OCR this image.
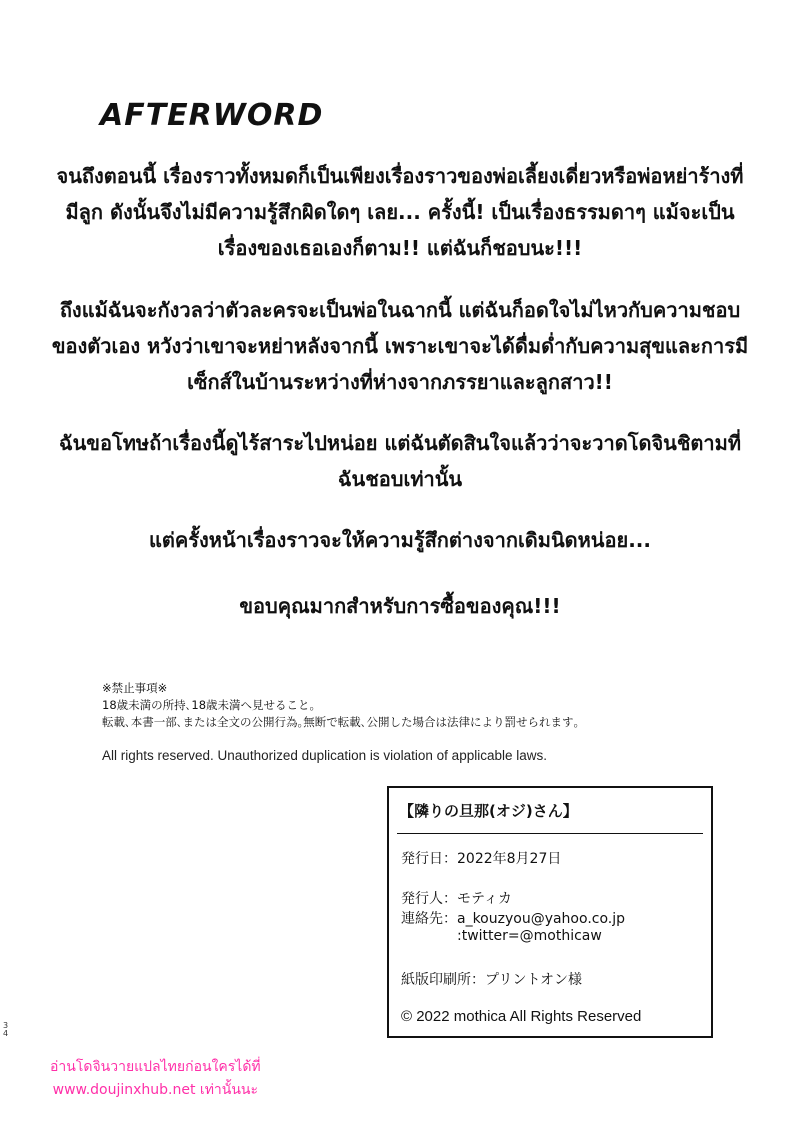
AFTERWORD
จนถึงตอนนี้ เรื่องราวทั้งหมดก็เป็นเพียงเรื่องราวของพ่อเลี้ยงเดี่ยวหรือพ่อหย่าร้างที่
มีลูก ดังนั้นจึงไม่มีความรู้สึกผิดใดๆ เลย... ครั้งนี้! เป็นเรื่องธรรมดาๆ แม้จะเป็น
เรื่องของเธอเองก็ตาม!! แต่ฉันก็ชอบนะ!!!
ถึงแม้ฉันจะกังวลว่าตัวละครจะเป็นพ่อในฉากนี้ แต่ฉันก็อดใจไม่ไหวกับความชอบ
ของตัวเอง หวังว่าเขาจะหย่าหลังจากนี้ เพราะเขาจะได้ดื่มด่ำกับความสุขและการมี
เซ็กส์ในบ้านระหว่างที่ห่างจากภรรยาและลูกสาว!!
ฉันขอโทษถ้าเรื่องนี้ดูไร้สาระไปหน่อย แต่ฉันตัดสินใจแล้วว่าจะวาดโดจินชิตามที่
ฉันชอบเท่านั้น
แต่ครั้งหน้าเรื่องราวจะให้ความรู้สึกต่างจากเดิมนิดหน่อย...
ขอบคุณมากสำหรับการซื้อของคุณ!!!
※禁止事項※
18歳未満の所持､18歳未満へ見せること｡
転載､本書一部､または全文の公開行為｡無断で転載､公開した場合は法律により罰せられます｡
All rights reserved. Unauthorized duplication is violation of applicable laws.
【隣りの旦那(オジ)さん】
発行日：2022年8月27日
発行人：モティカ
連絡先：a_kouzyou@yahoo.co.jp
:twitter=@mothicaw
紙版印刷所：プリントオン様
© 2022 mothica All Rights Reserved
3
4
อ่านโดจินวายแปลไทยก่อนใครได้ที่
www.doujinxhub.net เท่านั้นนะ
